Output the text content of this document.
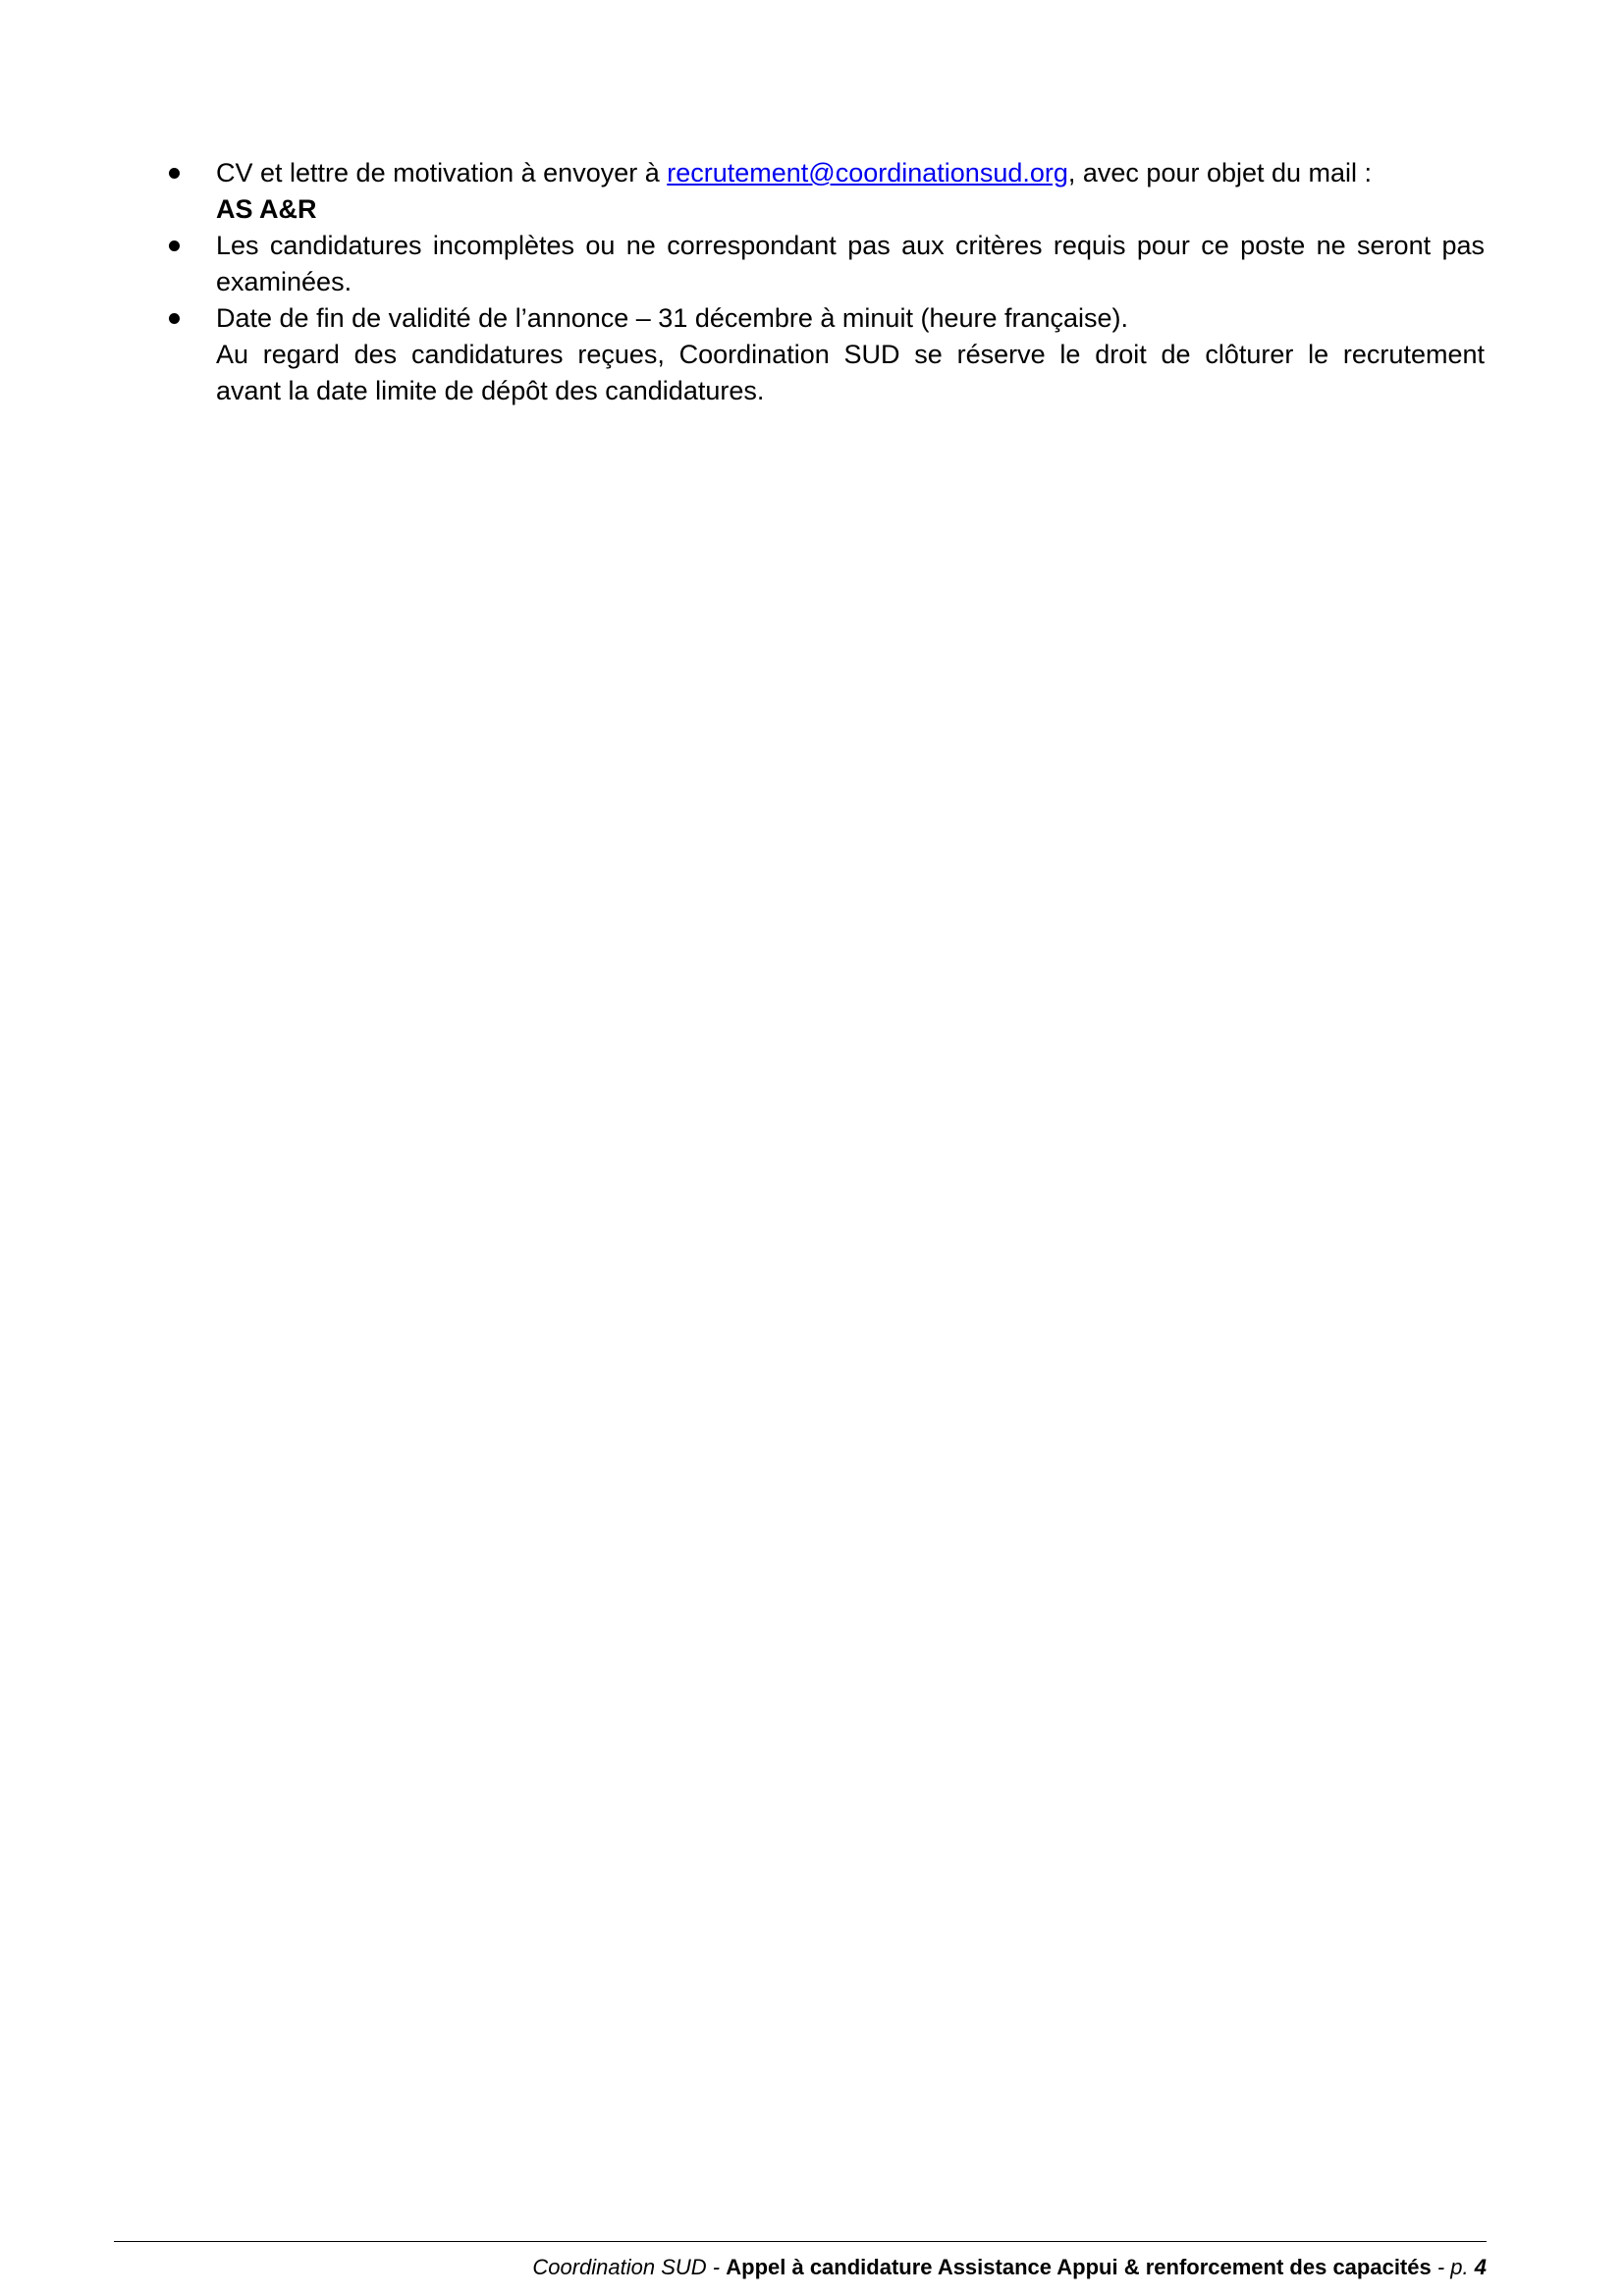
CV et lettre de motivation à envoyer à recrutement@coordinationsud.org, avec pour objet du mail :
AS A&R
Les candidatures incomplètes ou ne correspondant pas aux critères requis pour ce poste ne seront pas examinées.
Date de fin de validité de l’annonce – 31 décembre à minuit (heure française).
Au regard des candidatures reçues, Coordination SUD se réserve le droit de clôturer le recrutement
avant la date limite de dépôt des candidatures.
Coordination SUD - Appel à candidature Assistance Appui & renforcement des capacités - p. 4
